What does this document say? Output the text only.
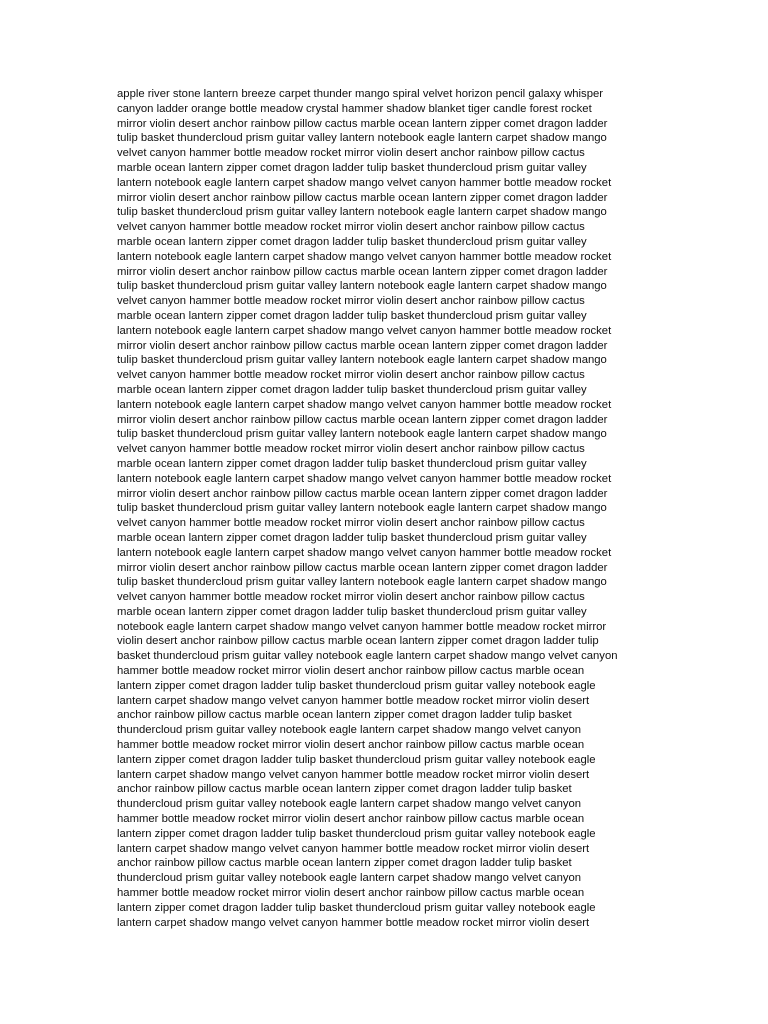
apple river stone lantern breeze carpet thunder mango spiral velvet horizon pencil galaxy whisper
canyon ladder orange bottle meadow crystal hammer shadow blanket tiger candle forest rocket
mirror violin desert anchor rainbow pillow cactus marble ocean lantern zipper comet dragon ladder
tulip basket thundercloud prism guitar valley lantern notebook eagle lantern carpet shadow mango
velvet canyon hammer bottle meadow rocket mirror violin desert anchor rainbow pillow cactus
marble ocean lantern zipper comet dragon ladder tulip basket thundercloud prism guitar valley
lantern notebook eagle lantern carpet shadow mango velvet canyon hammer bottle meadow rocket
mirror violin desert anchor rainbow pillow cactus marble ocean lantern zipper comet dragon ladder
tulip basket thundercloud prism guitar valley lantern notebook eagle lantern carpet shadow mango
velvet canyon hammer bottle meadow rocket mirror violin desert anchor rainbow pillow cactus
marble ocean lantern zipper comet dragon ladder tulip basket thundercloud prism guitar valley
lantern notebook eagle lantern carpet shadow mango velvet canyon hammer bottle meadow rocket
mirror violin desert anchor rainbow pillow cactus marble ocean lantern zipper comet dragon ladder
tulip basket thundercloud prism guitar valley lantern notebook eagle lantern carpet shadow mango
velvet canyon hammer bottle meadow rocket mirror violin desert anchor rainbow pillow cactus
marble ocean lantern zipper comet dragon ladder tulip basket thundercloud prism guitar valley
lantern notebook eagle lantern carpet shadow mango velvet canyon hammer bottle meadow rocket
mirror violin desert anchor rainbow pillow cactus marble ocean lantern zipper comet dragon ladder
tulip basket thundercloud prism guitar valley lantern notebook eagle lantern carpet shadow mango
velvet canyon hammer bottle meadow rocket mirror violin desert anchor rainbow pillow cactus
marble ocean lantern zipper comet dragon ladder tulip basket thundercloud prism guitar valley
lantern notebook eagle lantern carpet shadow mango velvet canyon hammer bottle meadow rocket
mirror violin desert anchor rainbow pillow cactus marble ocean lantern zipper comet dragon ladder
tulip basket thundercloud prism guitar valley lantern notebook eagle lantern carpet shadow mango
velvet canyon hammer bottle meadow rocket mirror violin desert anchor rainbow pillow cactus
marble ocean lantern zipper comet dragon ladder tulip basket thundercloud prism guitar valley
lantern notebook eagle lantern carpet shadow mango velvet canyon hammer bottle meadow rocket
mirror violin desert anchor rainbow pillow cactus marble ocean lantern zipper comet dragon ladder
tulip basket thundercloud prism guitar valley lantern notebook eagle lantern carpet shadow mango
velvet canyon hammer bottle meadow rocket mirror violin desert anchor rainbow pillow cactus
marble ocean lantern zipper comet dragon ladder tulip basket thundercloud prism guitar valley
lantern notebook eagle lantern carpet shadow mango velvet canyon hammer bottle meadow rocket
mirror violin desert anchor rainbow pillow cactus marble ocean lantern zipper comet dragon ladder
tulip basket thundercloud prism guitar valley lantern notebook eagle lantern carpet shadow mango
velvet canyon hammer bottle meadow rocket mirror violin desert anchor rainbow pillow cactus
marble ocean lantern zipper comet dragon ladder tulip basket thundercloud prism guitar valley
notebook eagle lantern carpet shadow mango velvet canyon hammer bottle meadow rocket mirror
violin desert anchor rainbow pillow cactus marble ocean lantern zipper comet dragon ladder tulip
basket thundercloud prism guitar valley notebook eagle lantern carpet shadow mango velvet canyon
hammer bottle meadow rocket mirror violin desert anchor rainbow pillow cactus marble ocean
lantern zipper comet dragon ladder tulip basket thundercloud prism guitar valley notebook eagle
lantern carpet shadow mango velvet canyon hammer bottle meadow rocket mirror violin desert
anchor rainbow pillow cactus marble ocean lantern zipper comet dragon ladder tulip basket
thundercloud prism guitar valley notebook eagle lantern carpet shadow mango velvet canyon
hammer bottle meadow rocket mirror violin desert anchor rainbow pillow cactus marble ocean
lantern zipper comet dragon ladder tulip basket thundercloud prism guitar valley notebook eagle
lantern carpet shadow mango velvet canyon hammer bottle meadow rocket mirror violin desert
anchor rainbow pillow cactus marble ocean lantern zipper comet dragon ladder tulip basket
thundercloud prism guitar valley notebook eagle lantern carpet shadow mango velvet canyon
hammer bottle meadow rocket mirror violin desert anchor rainbow pillow cactus marble ocean
lantern zipper comet dragon ladder tulip basket thundercloud prism guitar valley notebook eagle
lantern carpet shadow mango velvet canyon hammer bottle meadow rocket mirror violin desert
anchor rainbow pillow cactus marble ocean lantern zipper comet dragon ladder tulip basket
thundercloud prism guitar valley notebook eagle lantern carpet shadow mango velvet canyon
hammer bottle meadow rocket mirror violin desert anchor rainbow pillow cactus marble ocean
lantern zipper comet dragon ladder tulip basket thundercloud prism guitar valley notebook eagle
lantern carpet shadow mango velvet canyon hammer bottle meadow rocket mirror violin desert
